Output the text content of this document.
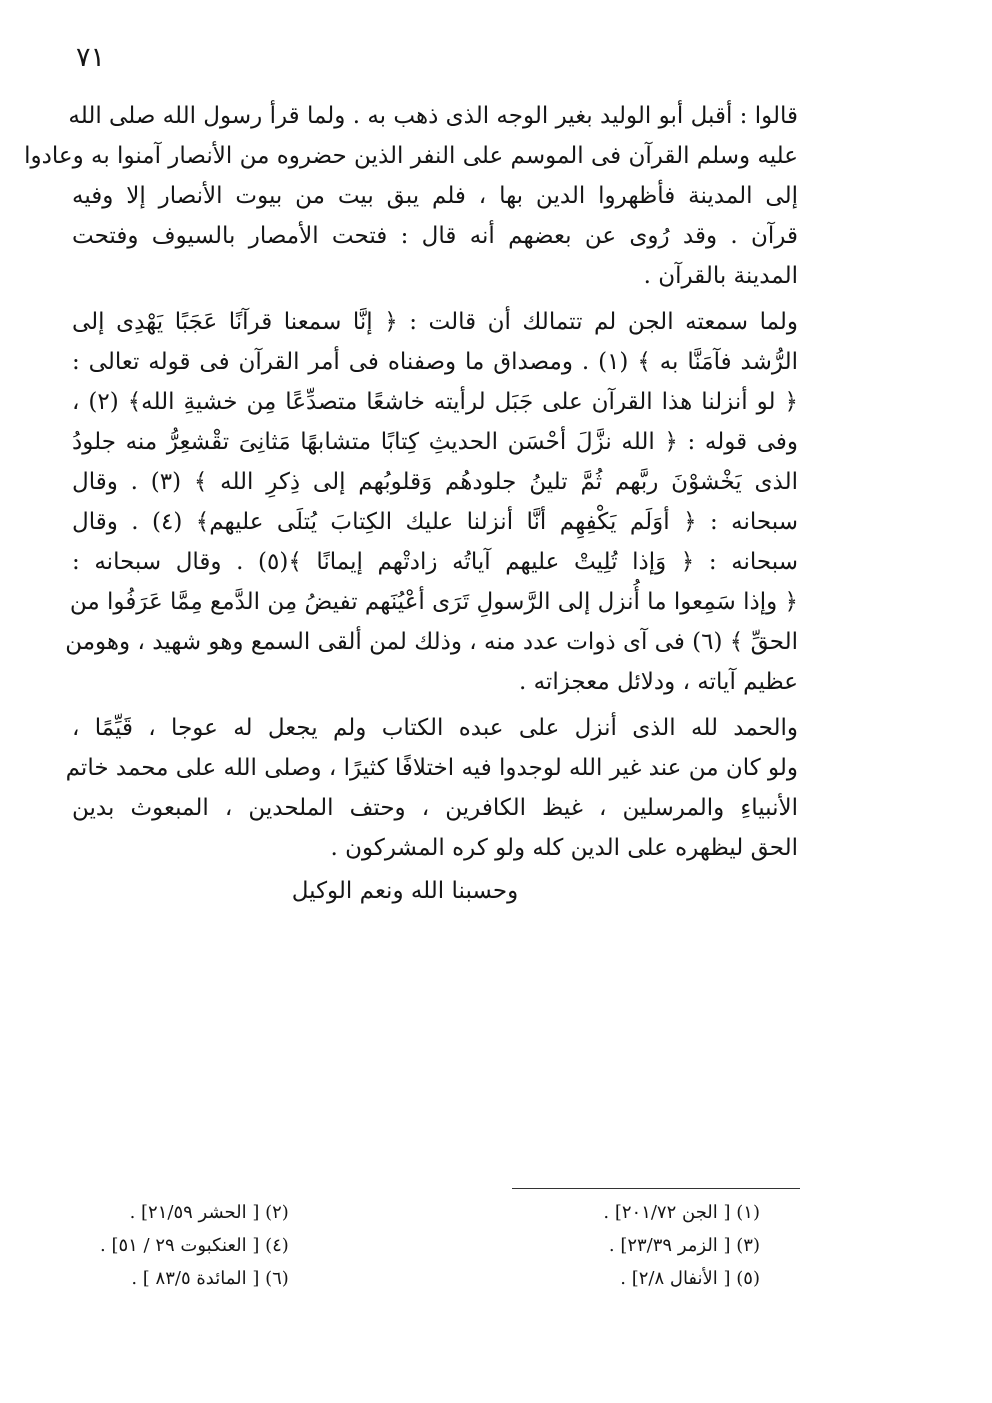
٧١
قالوا : أقبل أبو الوليد بغير الوجه الذى ذهب به . ولما قرأ رسول الله صلى الله
عليه وسلم القرآن فى الموسم على النفر الذين حضروه من الأنصار آمنوا به وعادوا
إلى المدينة فأظهروا الدين بها ، فلم يبق بيت من بيوت الأنصار إلا وفيه
قرآن . وقد رُوى عن بعضهم أنه قال : فتحت الأمصار بالسيوف وفتحت
المدينة بالقرآن .
ولما سمعته الجن لم تتمالك أن قالت : ﴿ إنَّا سمعنا قرآنًا عَجَبًا يَهْدِى إلى
الرُّشد فآمَنَّا به ﴾ (١) . ومصداق ما وصفناه فى أمر القرآن فى قوله تعالى :
﴿ لو أنزلنا هذا القرآن على جَبَل لرأيته خاشعًا متصدِّعًا مِن خشيةِ الله﴾ (٢) ،
وفى قوله : ﴿ الله نزَّلَ أحْسَن الحديثِ كِتابًا متشابهًا مَثانِىَ تقْشعِرُّ منه جلودُ
الذى يَخْشوْنَ ربَّهم ثُمَّ تلينُ جلودهُم وَقلوبُهم إلى ذِكرِ الله ﴾ (٣) . وقال
سبحانه : ﴿ أوَلَم يَكْفِهِم أنَّا أنزلنا عليك الكِتابَ يُتلَى عليهم﴾ (٤) . وقال
سبحانه : ﴿ وَإذا تُلِيتْ عليهم آياتُه زادتْهم إيمانًا ﴾(٥) . وقال سبحانه :
﴿ وإذا سَمِعوا ما أُنزل إلى الرَّسولِ تَرَى أعْيُنَهم تفيضُ مِن الدَّمع مِمَّا عَرَفُوا من
الحقِّ ﴾ (٦) فى آى ذوات عدد منه ، وذلك لمن ألقى السمع وهو شهيد ، وهومن
عظيم آياته ، ودلائل معجزاته .
والحمد لله الذى أنزل على عبده الكتاب ولم يجعل له عوجا ، قَيِّمًا ،
ولو كان من عند غير الله لوجدوا فيه اختلافًا كثيرًا ، وصلى الله على محمد خاتم
الأنبياءِ والمرسلين ، غيظ الكافرين ، وحتف الملحدين ، المبعوث بدين
الحق ليظهره على الدين كله ولو كره المشركون .
وحسبنا الله ونعم الوكيل
(١) [ الجن ٢٠١/٧٢] .
(٣) [ الزمر ٢٣/٣٩] .
(٥) [ الأنفال ٢/٨] .
(٢) [ الحشر ٢١/٥٩] .
(٤) [ العنكبوت ٢٩ / ٥١] .
(٦) [ المائدة ٨٣/٥ ] .
